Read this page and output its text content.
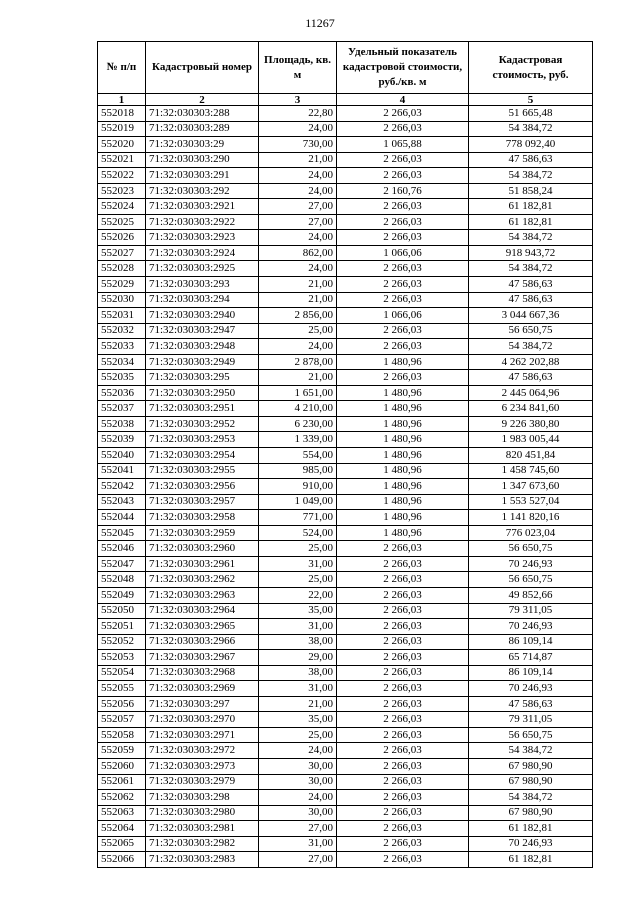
11267
№ п/п	Кадастровый номер	Площадь, кв. м	Удельный показатель кадастровой стоимости, руб./кв. м	Кадастровая стоимость, руб.
1	2	3	4	5
552018	71:32:030303:288	22,80	2 266,03	51 665,48
552019	71:32:030303:289	24,00	2 266,03	54 384,72
552020	71:32:030303:29	730,00	1 065,88	778 092,40
552021	71:32:030303:290	21,00	2 266,03	47 586,63
552022	71:32:030303:291	24,00	2 266,03	54 384,72
552023	71:32:030303:292	24,00	2 160,76	51 858,24
552024	71:32:030303:2921	27,00	2 266,03	61 182,81
552025	71:32:030303:2922	27,00	2 266,03	61 182,81
552026	71:32:030303:2923	24,00	2 266,03	54 384,72
552027	71:32:030303:2924	862,00	1 066,06	918 943,72
552028	71:32:030303:2925	24,00	2 266,03	54 384,72
552029	71:32:030303:293	21,00	2 266,03	47 586,63
552030	71:32:030303:294	21,00	2 266,03	47 586,63
552031	71:32:030303:2940	2 856,00	1 066,06	3 044 667,36
552032	71:32:030303:2947	25,00	2 266,03	56 650,75
552033	71:32:030303:2948	24,00	2 266,03	54 384,72
552034	71:32:030303:2949	2 878,00	1 480,96	4 262 202,88
552035	71:32:030303:295	21,00	2 266,03	47 586,63
552036	71:32:030303:2950	1 651,00	1 480,96	2 445 064,96
552037	71:32:030303:2951	4 210,00	1 480,96	6 234 841,60
552038	71:32:030303:2952	6 230,00	1 480,96	9 226 380,80
552039	71:32:030303:2953	1 339,00	1 480,96	1 983 005,44
552040	71:32:030303:2954	554,00	1 480,96	820 451,84
552041	71:32:030303:2955	985,00	1 480,96	1 458 745,60
552042	71:32:030303:2956	910,00	1 480,96	1 347 673,60
552043	71:32:030303:2957	1 049,00	1 480,96	1 553 527,04
552044	71:32:030303:2958	771,00	1 480,96	1 141 820,16
552045	71:32:030303:2959	524,00	1 480,96	776 023,04
552046	71:32:030303:2960	25,00	2 266,03	56 650,75
552047	71:32:030303:2961	31,00	2 266,03	70 246,93
552048	71:32:030303:2962	25,00	2 266,03	56 650,75
552049	71:32:030303:2963	22,00	2 266,03	49 852,66
552050	71:32:030303:2964	35,00	2 266,03	79 311,05
552051	71:32:030303:2965	31,00	2 266,03	70 246,93
552052	71:32:030303:2966	38,00	2 266,03	86 109,14
552053	71:32:030303:2967	29,00	2 266,03	65 714,87
552054	71:32:030303:2968	38,00	2 266,03	86 109,14
552055	71:32:030303:2969	31,00	2 266,03	70 246,93
552056	71:32:030303:297	21,00	2 266,03	47 586,63
552057	71:32:030303:2970	35,00	2 266,03	79 311,05
552058	71:32:030303:2971	25,00	2 266,03	56 650,75
552059	71:32:030303:2972	24,00	2 266,03	54 384,72
552060	71:32:030303:2973	30,00	2 266,03	67 980,90
552061	71:32:030303:2979	30,00	2 266,03	67 980,90
552062	71:32:030303:298	24,00	2 266,03	54 384,72
552063	71:32:030303:2980	30,00	2 266,03	67 980,90
552064	71:32:030303:2981	27,00	2 266,03	61 182,81
552065	71:32:030303:2982	31,00	2 266,03	70 246,93
552066	71:32:030303:2983	27,00	2 266,03	61 182,81
